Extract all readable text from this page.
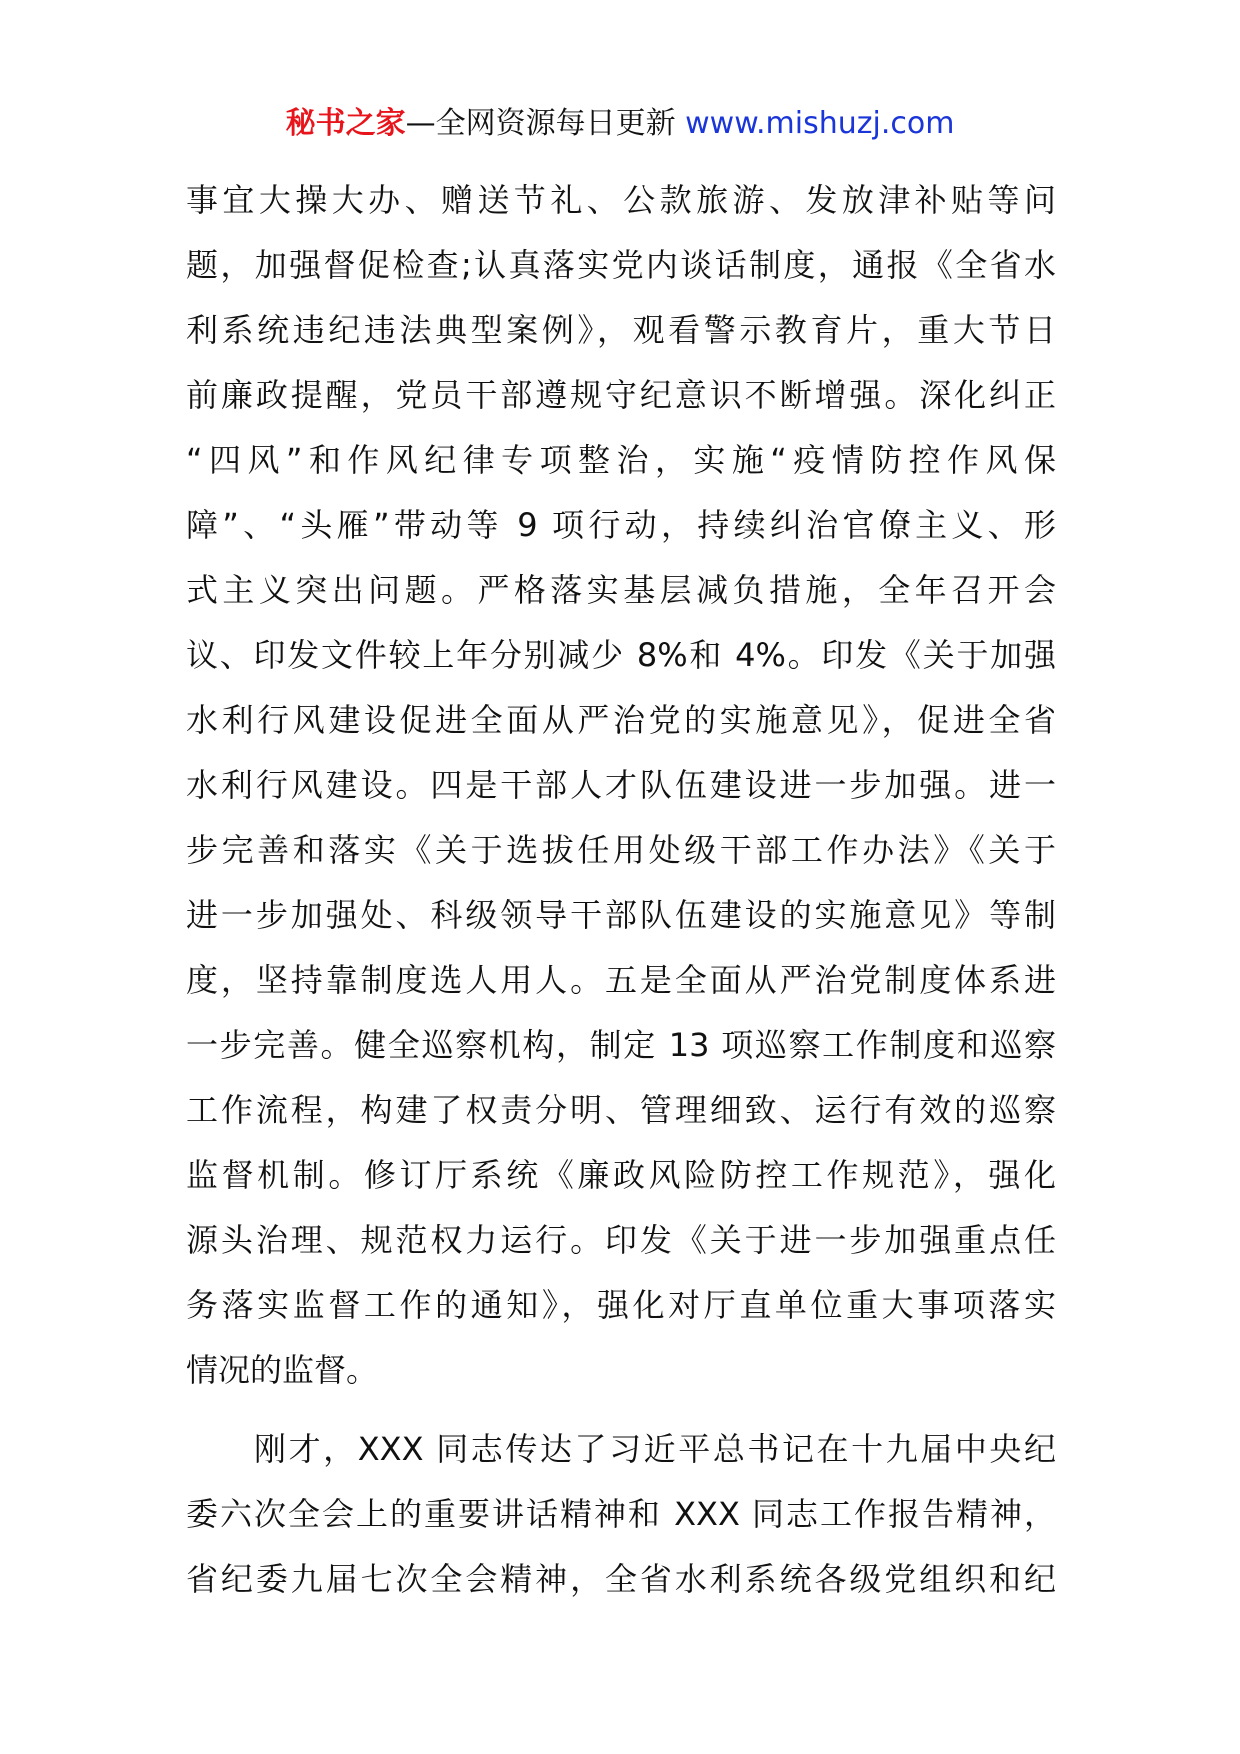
秘书之家—全网资源每日更新 www.mishuzj.com
事宜大操大办、赠送节礼、公款旅游、发放津补贴等问
题，加强督促检查;认真落实党内谈话制度，通报《全省水
利系统违纪违法典型案例》，观看警示教育片，重大节日
前廉政提醒，党员干部遵规守纪意识不断增强。深化纠正
“四风”和作风纪律专项整治，实施“疫情防控作风保
障”、“头雁”带动等 9 项行动，持续纠治官僚主义、形
式主义突出问题。严格落实基层减负措施，全年召开会
议、印发文件较上年分别减少 8%和 4%。印发《关于加强
水利行风建设促进全面从严治党的实施意见》，促进全省
水利行风建设。四是干部人才队伍建设进一步加强。进一
步完善和落实《关于选拔任用处级干部工作办法》《关于
进一步加强处、科级领导干部队伍建设的实施意见》等制
度，坚持靠制度选人用人。五是全面从严治党制度体系进
一步完善。健全巡察机构，制定 13 项巡察工作制度和巡察
工作流程，构建了权责分明、管理细致、运行有效的巡察
监督机制。修订厅系统《廉政风险防控工作规范》，强化
源头治理、规范权力运行。印发《关于进一步加强重点任
务落实监督工作的通知》，强化对厅直单位重大事项落实
情况的监督。
刚才，XXX 同志传达了习近平总书记在十九届中央纪
委六次全会上的重要讲话精神和 XXX 同志工作报告精神，
省纪委九届七次全会精神，全省水利系统各级党组织和纪
